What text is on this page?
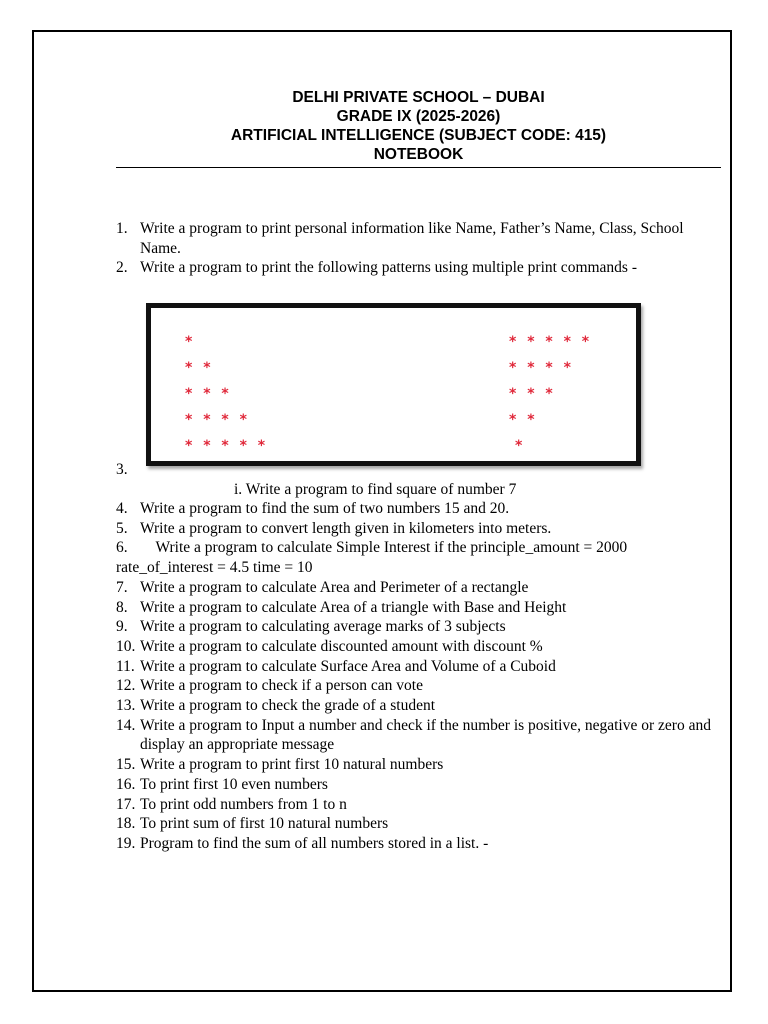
DELHI PRIVATE SCHOOL – DUBAI
GRADE IX (2025-2026)
ARTIFICIAL INTELLIGENCE (SUBJECT CODE: 415)
NOTEBOOK
1. Write a program to print personal information like Name, Father’s Name, Class, School Name.
2. Write a program to print the following patterns using multiple print commands -
*
* *
* * *
* * * *
* * * * *
* * * * *
* * * *
* * *
* *
*
3.
i. Write a program to find square of number 7
4. Write a program to find the sum of two numbers 15 and 20.
5. Write a program to convert length given in kilometers into meters.
6. Write a program to calculate Simple Interest if the principle_amount = 2000 rate_of_interest = 4.5 time = 10
7. Write a program to calculate Area and Perimeter of a rectangle
8. Write a program to calculate Area of a triangle with Base and Height
9. Write a program to calculating average marks of 3 subjects
10. Write a program to calculate discounted amount with discount %
11. Write a program to calculate Surface Area and Volume of a Cuboid
12. Write a program to check if a person can vote
13. Write a program to check the grade of a student
14. Write a program to Input a number and check if the number is positive, negative or zero and display an appropriate message
15. Write a program to print first 10 natural numbers
16. To print first 10 even numbers
17. To print odd numbers from 1 to n
18. To print sum of first 10 natural numbers
19. Program to find the sum of all numbers stored in a list. -
